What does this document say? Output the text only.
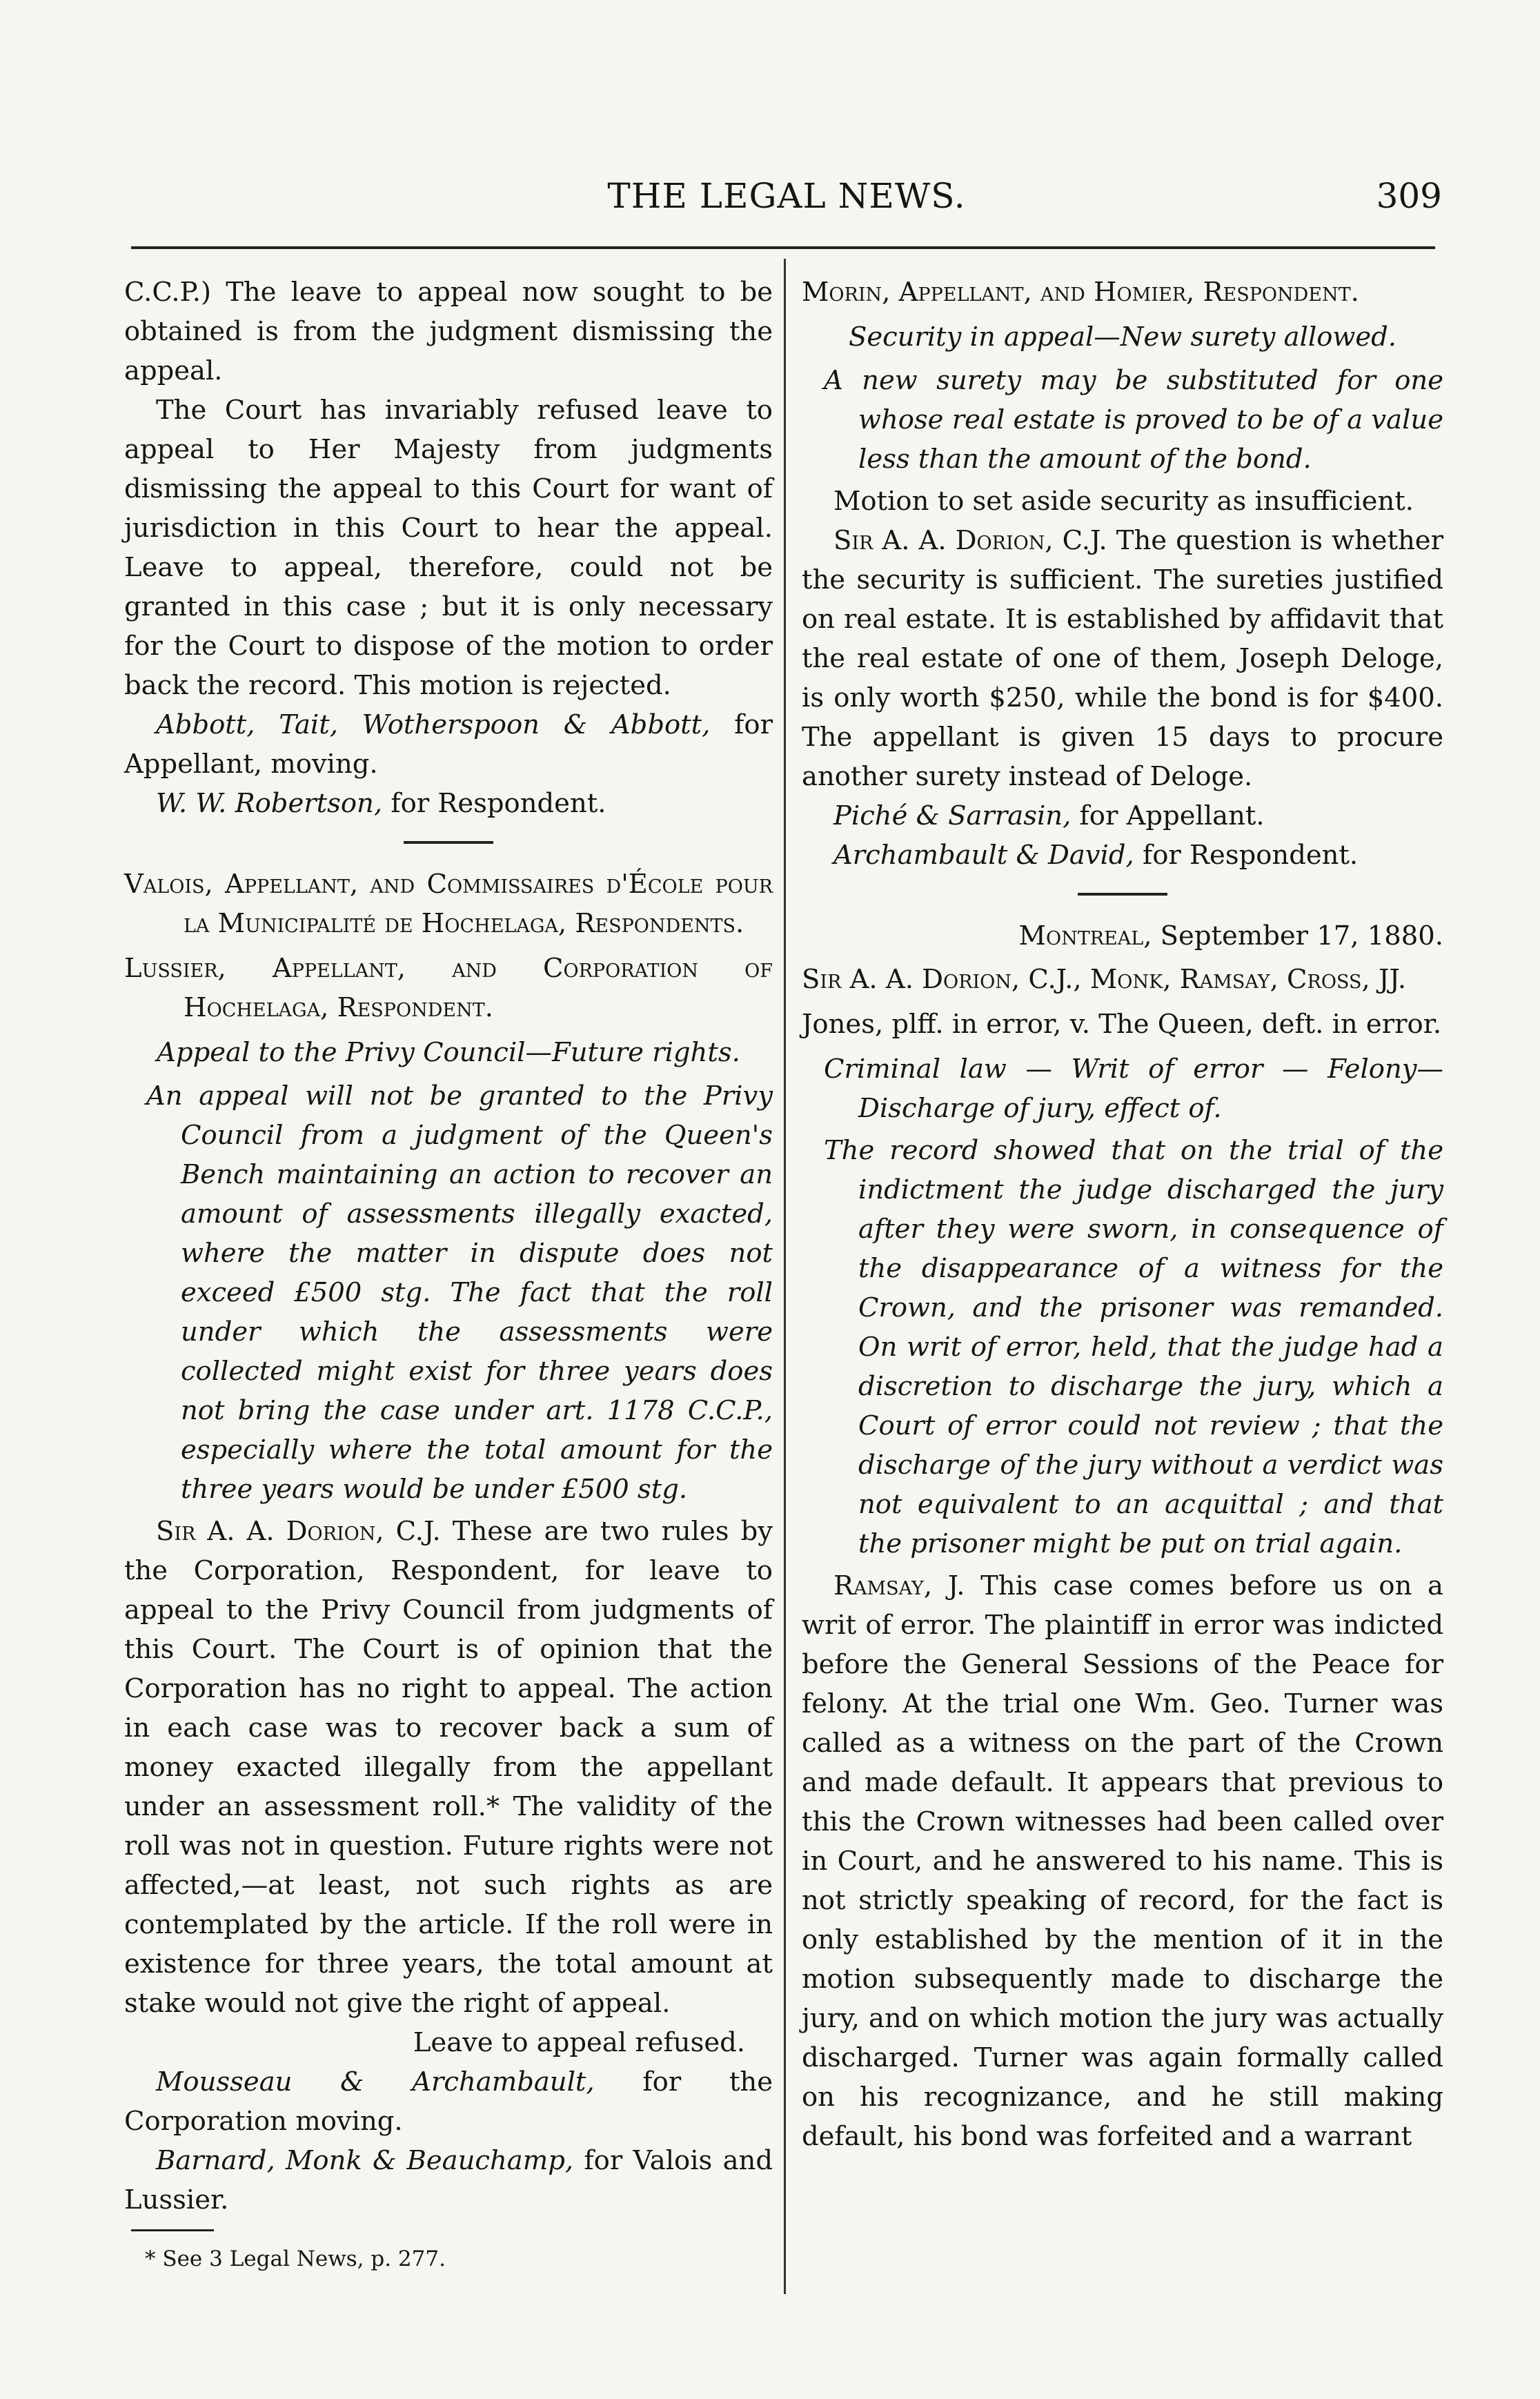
THE LEGAL NEWS.	309

C.C.P.) The leave to appeal now sought to be obtained is from the judgment dismissing the appeal.

The Court has invariably refused leave to appeal to Her Majesty from judgments dismissing the appeal to this Court for want of jurisdiction in this Court to hear the appeal. Leave to appeal, therefore, could not be granted in this case ; but it is only necessary for the Court to dispose of the motion to order back the record. This motion is rejected.

Abbott, Tait, Wotherspoon & Abbott, for Appellant, moving.

W. W. Robertson, for Respondent.

Valois, Appellant, and Commissaires d'École pour la Municipalité de Hochelaga, Respondents.

Lussier, Appellant, and Corporation of Hochelaga, Respondent.

Appeal to the Privy Council—Future rights.

An appeal will not be granted to the Privy Council from a judgment of the Queen's Bench maintaining an action to recover an amount of assessments illegally exacted, where the matter in dispute does not exceed £500 stg. The fact that the roll under which the assessments were collected might exist for three years does not bring the case under art. 1178 C.C.P., especially where the total amount for the three years would be under £500 stg.

Sir A. A. Dorion, C.J. These are two rules by the Corporation, Respondent, for leave to appeal to the Privy Council from judgments of this Court. The Court is of opinion that the Corporation has no right to appeal. The action in each case was to recover back a sum of money exacted illegally from the appellant under an assessment roll.* The validity of the roll was not in question. Future rights were not affected,—at least, not such rights as are contemplated by the article. If the roll were in existence for three years, the total amount at stake would not give the right of appeal.

Leave to appeal refused.

Mousseau & Archambault, for the Corporation moving.

Barnard, Monk & Beauchamp, for Valois and Lussier.

* See 3 Legal News, p. 277.

Morin, Appellant, and Homier, Respondent.

Security in appeal—New surety allowed.

A new surety may be substituted for one whose real estate is proved to be of a value less than the amount of the bond.

Motion to set aside security as insufficient.

Sir A. A. Dorion, C.J. The question is whether the security is sufficient. The sureties justified on real estate. It is established by affidavit that the real estate of one of them, Joseph Deloge, is only worth $250, while the bond is for $400. The appellant is given 15 days to procure another surety instead of Deloge.

Piché & Sarrasin, for Appellant.

Archambault & David, for Respondent.

Montreal, September 17, 1880.

Sir A. A. Dorion, C.J., Monk, Ramsay, Cross, JJ.

Jones, plff. in error, v. The Queen, deft. in error.

Criminal law — Writ of error — Felony— Discharge of jury, effect of.

The record showed that on the trial of the indictment the judge discharged the jury after they were sworn, in consequence of the disappearance of a witness for the Crown, and the prisoner was remanded. On writ of error, held, that the judge had a discretion to discharge the jury, which a Court of error could not review ; that the discharge of the jury without a verdict was not equivalent to an acquittal ; and that the prisoner might be put on trial again.

Ramsay, J. This case comes before us on a writ of error. The plaintiff in error was indicted before the General Sessions of the Peace for felony. At the trial one Wm. Geo. Turner was called as a witness on the part of the Crown and made default. It appears that previous to this the Crown witnesses had been called over in Court, and he answered to his name. This is not strictly speaking of record, for the fact is only established by the mention of it in the motion subsequently made to discharge the jury, and on which motion the jury was actually discharged. Turner was again formally called on his recognizance, and he still making default, his bond was forfeited and a warrant
